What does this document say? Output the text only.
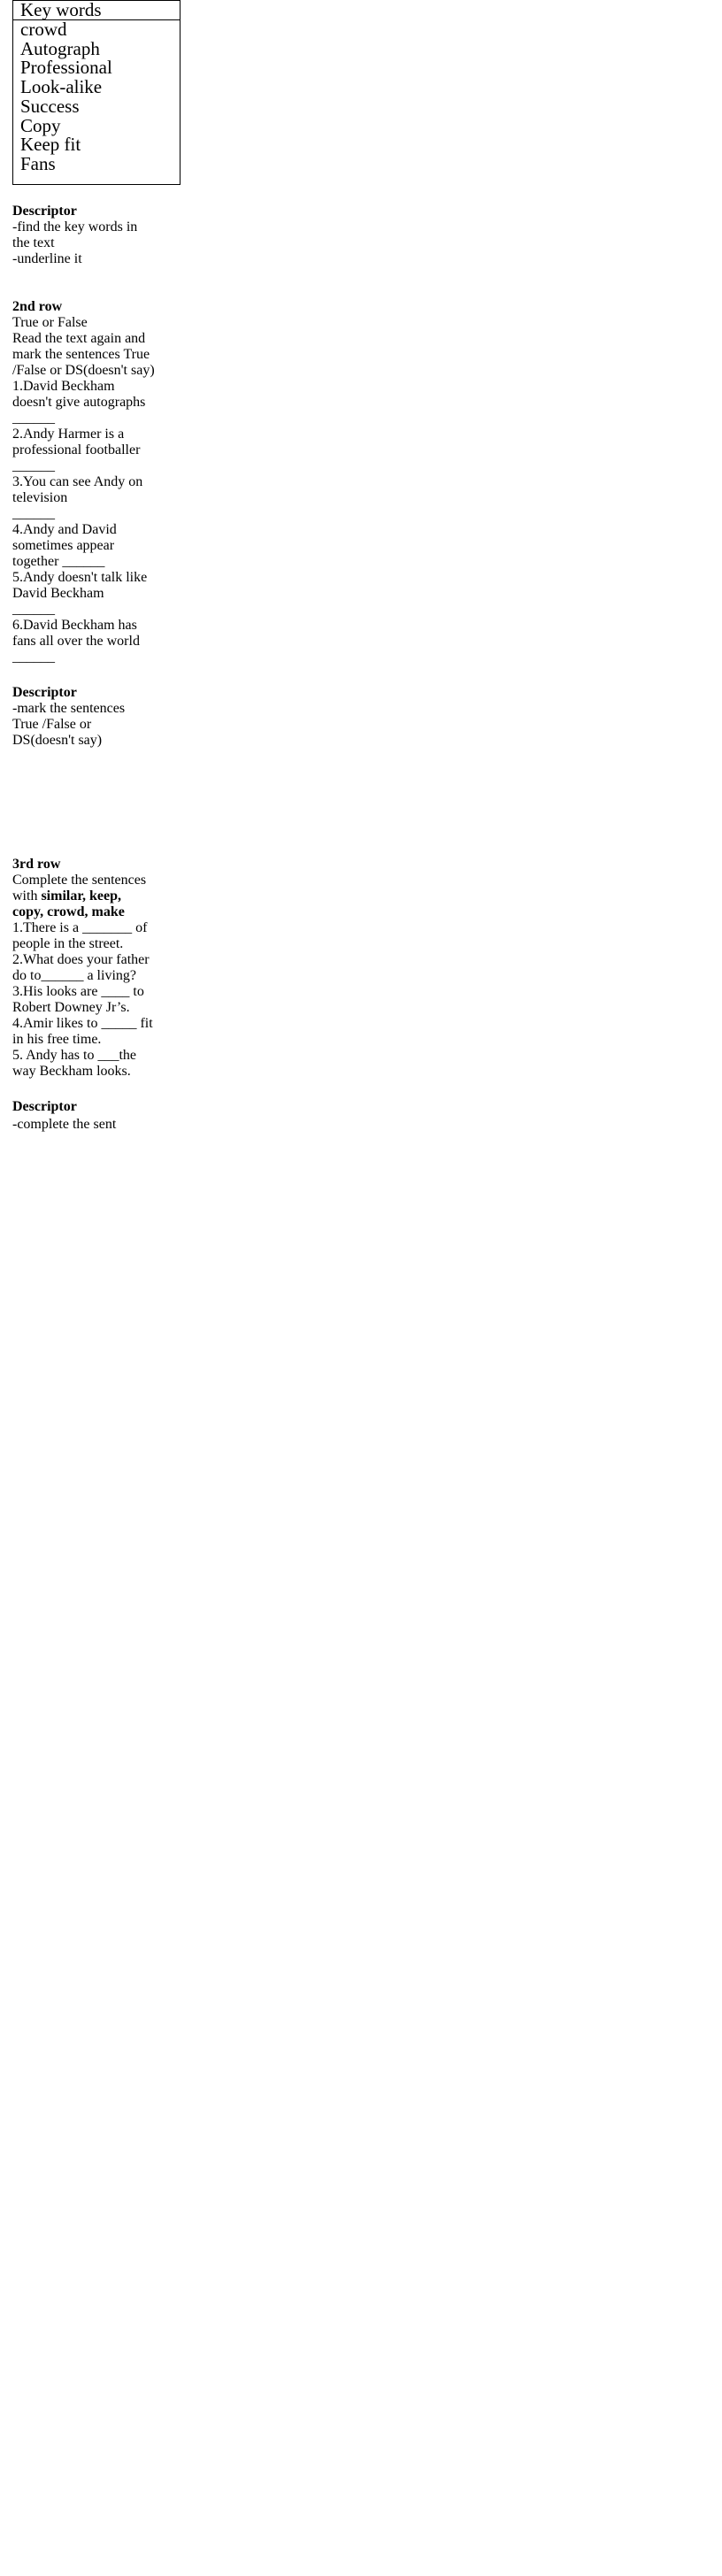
Key words
crowd
Autograph
Professional
Look-alike
Success
Copy
Keep fit
Fans
Descriptor
-find the key words in
the text
-underline it
2nd row
True or False
Read the text again and
mark the sentences True
/False or DS(doesn't say)
1.David Beckham
doesn't give autographs
______
2.Andy Harmer is a
professional footballer
______
3.You can see Andy on
television
______
4.Andy and David
sometimes appear
together ______
5.Andy doesn't talk like
David Beckham
______
6.David Beckham has
fans all over the world
______
Descriptor
-mark the sentences
True /False or
DS(doesn't say)
3rd row
Complete the sentences
with similar, keep,
copy, crowd, make
1.There is a _______ of
people in the street.
2.What does your father
do to______ a living?
3.His looks are ____ to
Robert Downey Jr’s.
4.Amir likes to _____ fit
in his free time.
5. Andy has to ___the
way Beckham looks.
Descriptor
-complete the sent
